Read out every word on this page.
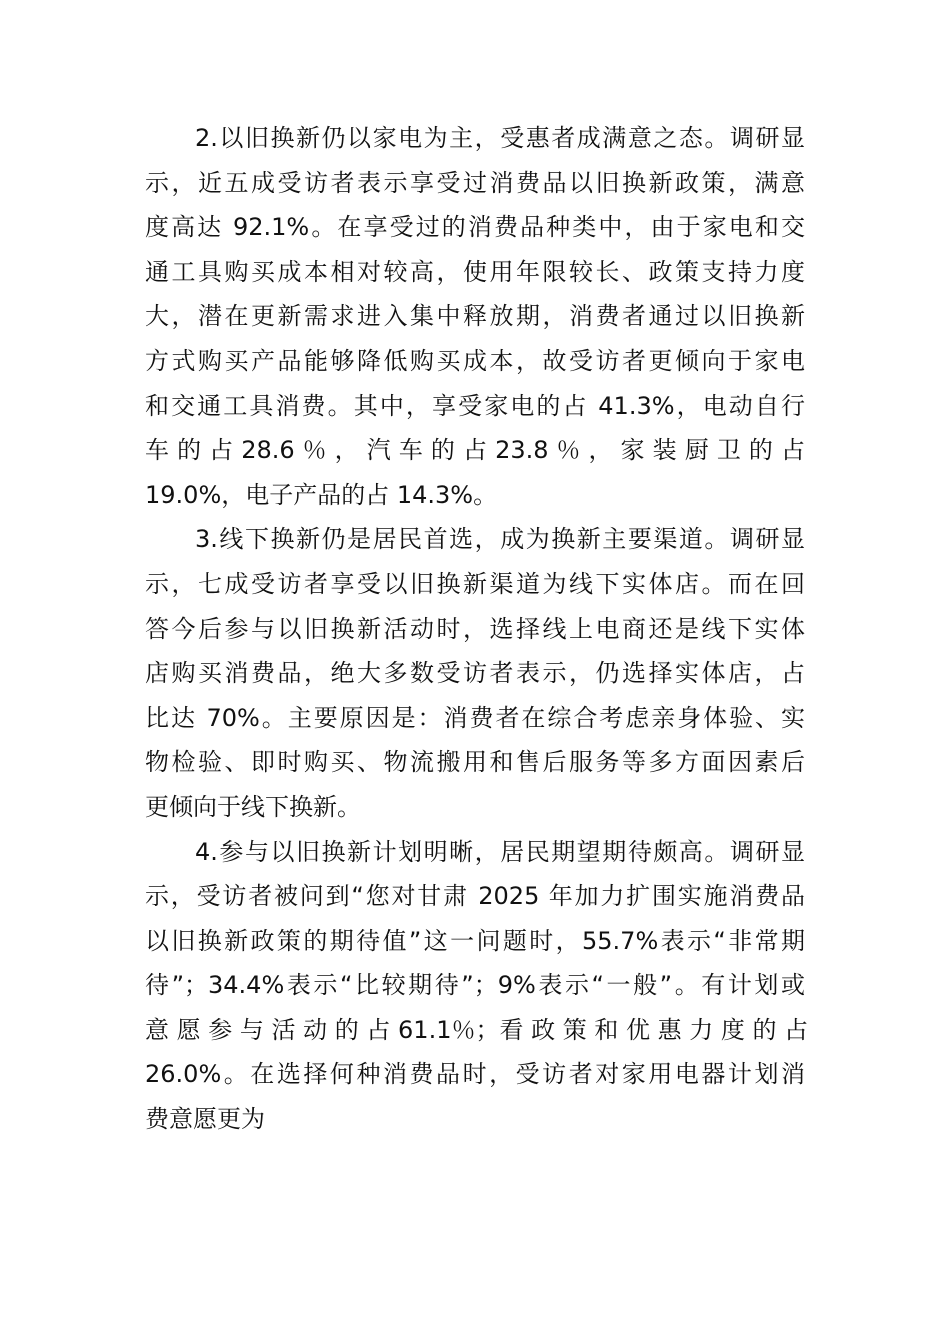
2.以旧换新仍以家电为主，受惠者成满意之态。调研显
示，近五成受访者表示享受过消费品以旧换新政策，满意
度高达 92.1%。在享受过的消费品种类中，由于家电和交
通工具购买成本相对较高，使用年限较长、政策支持力度
大，潜在更新需求进入集中释放期，消费者通过以旧换新
方式购买产品能够降低购买成本，故受访者更倾向于家电
和交通工具消费。其中，享受家电的占 41.3%，电动自行
车 的 占 28.6 ％ ， 汽 车 的 占 23.8 ％ ， 家 装 厨 卫 的 占
19.0%，电子产品的占 14.3%。
3.线下换新仍是居民首选，成为换新主要渠道。调研显
示，七成受访者享受以旧换新渠道为线下实体店。而在回
答今后参与以旧换新活动时，选择线上电商还是线下实体
店购买消费品，绝大多数受访者表示，仍选择实体店，占
比达 70%。主要原因是：消费者在综合考虑亲身体验、实
物检验、即时购买、物流搬用和售后服务等多方面因素后
更倾向于线下换新。
4.参与以旧换新计划明晰，居民期望期待颇高。调研显
示，受访者被问到“您对甘肃 2025 年加力扩围实施消费品
以旧换新政策的期待值”这一问题时，55.7%表示“非常期
待”；34.4%表示“比较期待”；9%表示“一般”。有计划或
意 愿 参 与 活 动 的 占 61.1％；看 政 策 和 优 惠 力 度 的 占
26.0%。在选择何种消费品时，受访者对家用电器计划消
费意愿更为
